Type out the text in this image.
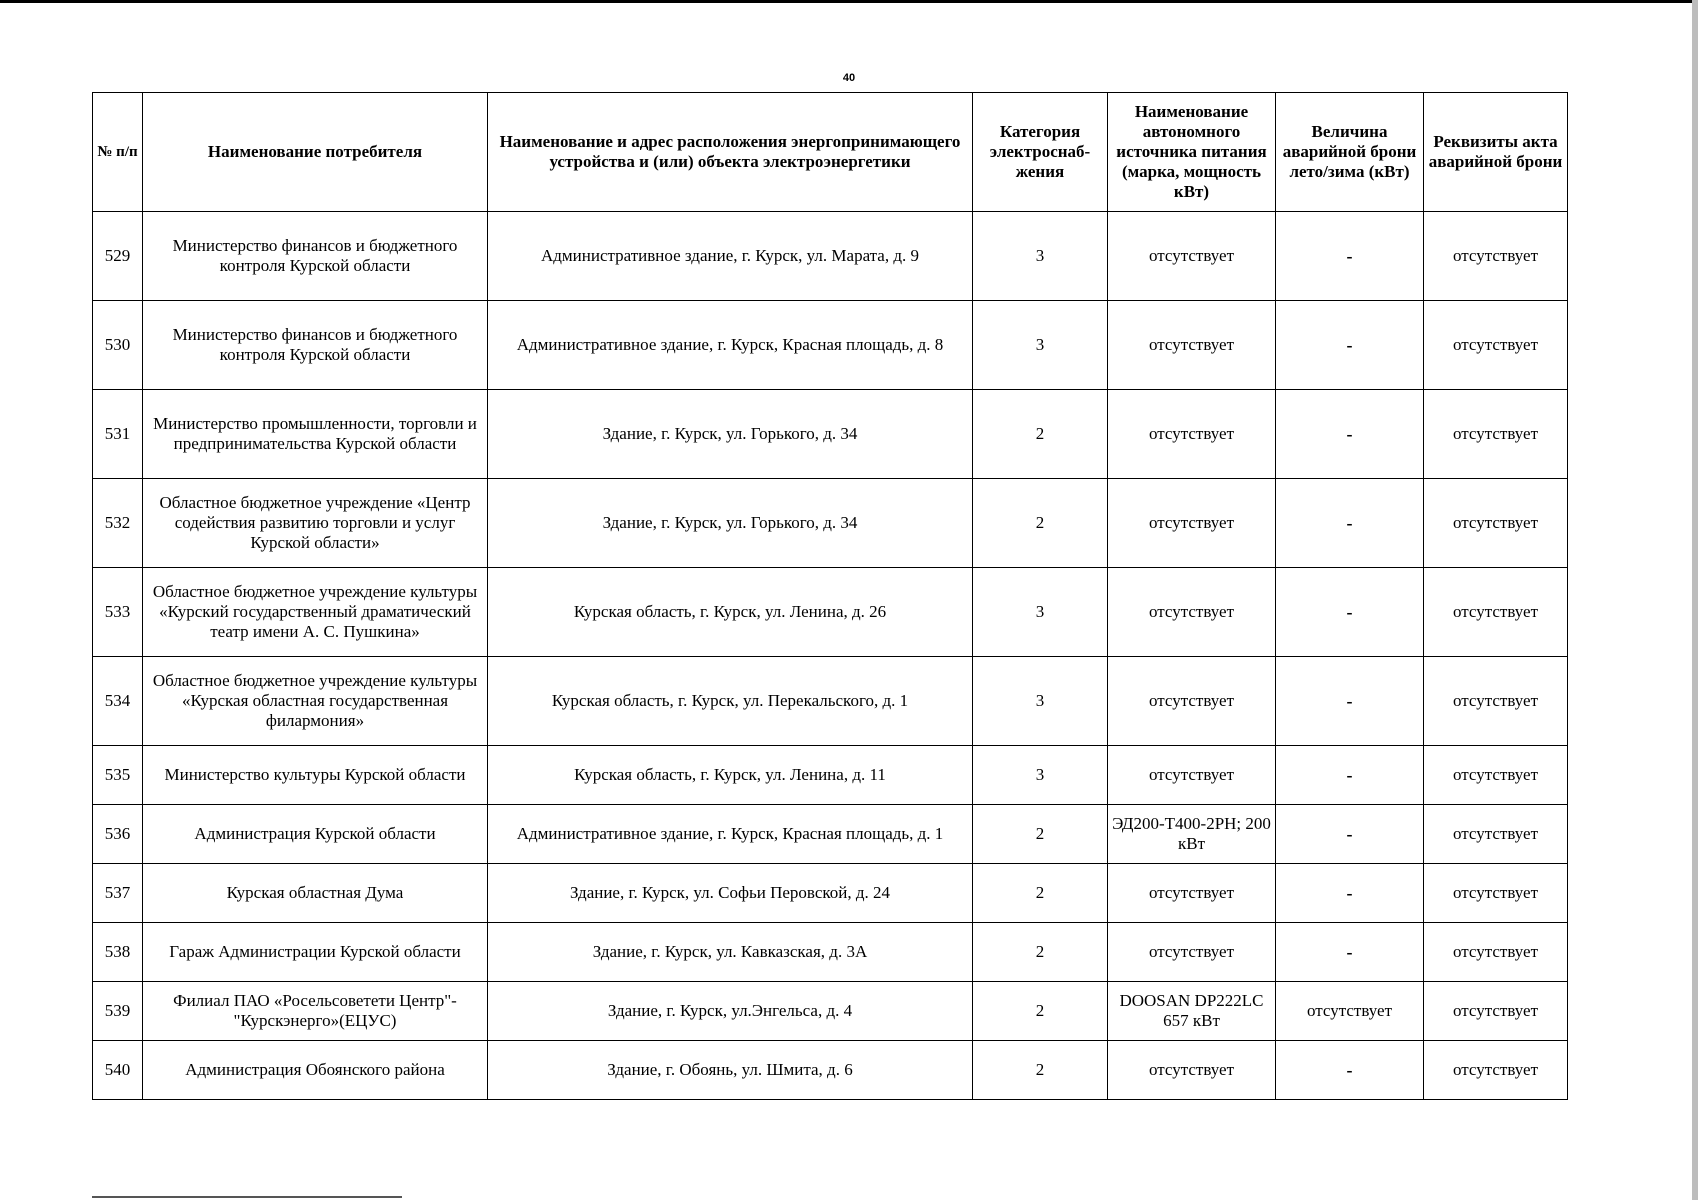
40
№ п/п	Наименование потребителя	Наименование и адрес расположения энергопринимающего устройства и (или) объекта электроэнергетики	Категория электроснаб-жения	Наименование автономного источника питания (марка, мощность кВт)	Величина аварийной брони лето/зима (кВт)	Реквизиты акта аварийной брони
529	Министерство финансов и бюджетного контроля Курской области	Административное здание, г. Курск, ул. Марата, д. 9	3	отсутствует	-	отсутствует
530	Министерство финансов и бюджетного контроля Курской области	Административное здание, г. Курск, Красная площадь, д. 8	3	отсутствует	-	отсутствует
531	Министерство промышленности, торговли и предпринимательства Курской области	Здание, г. Курск, ул. Горького, д. 34	2	отсутствует	-	отсутствует
532	Областное бюджетное учреждение «Центр содействия развитию торговли и услуг Курской области»	Здание, г. Курск, ул. Горького, д. 34	2	отсутствует	-	отсутствует
533	Областное бюджетное учреждение культуры «Курский государственный драматический театр имени А. С. Пушкина»	Курская область, г. Курск, ул. Ленина, д. 26	3	отсутствует	-	отсутствует
534	Областное бюджетное учреждение культуры «Курская областная государственная филармония»	Курская область, г. Курск, ул. Перекальского, д. 1	3	отсутствует	-	отсутствует
535	Министерство культуры Курской области	Курская область, г. Курск, ул. Ленина, д. 11	3	отсутствует	-	отсутствует
536	Администрация Курской области	Административное здание, г. Курск, Красная площадь, д. 1	2	ЭД200-Т400-2РН; 200 кВт	-	отсутствует
537	Курская областная Дума	Здание, г. Курск, ул. Софьи Перовской, д. 24	2	отсутствует	-	отсутствует
538	Гараж Администрации Курской области	Здание, г. Курск, ул. Кавказская, д. 3А	2	отсутствует	-	отсутствует
539	Филиал ПАО «Росельсоветети Центр"-"Курскэнерго»(ЕЦУС)	Здание, г. Курск, ул.Энгельса, д. 4	2	DOOSAN DP222LC 657 кВт	отсутствует	отсутствует
540	Администрация Обоянского района	Здание, г. Обоянь, ул. Шмита, д. 6	2	отсутствует	-	отсутствует
